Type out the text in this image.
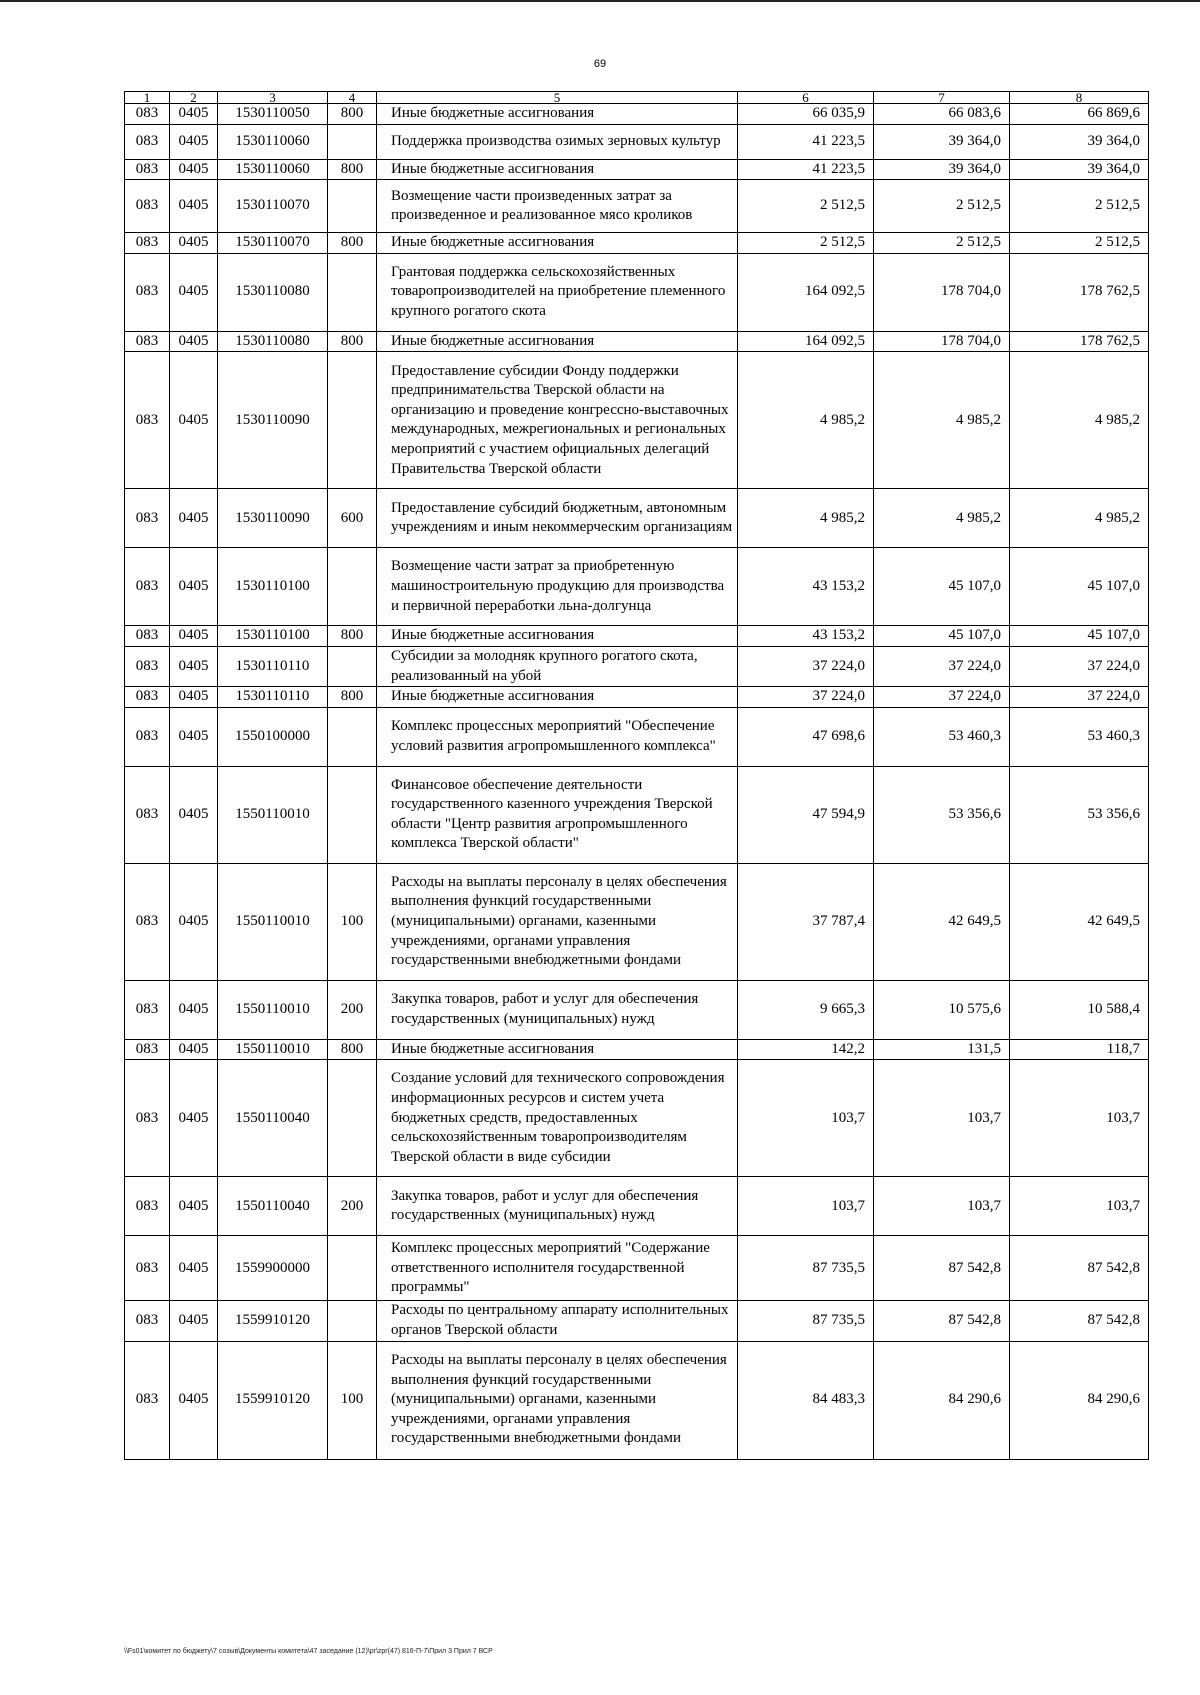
69
1	2	3	4	5	6	7	8
083	0405	1530110050	800	Иные бюджетные ассигнования	66 035,9	66 083,6	66 869,6
083	0405	1530110060		Поддержка производства озимых зерновых культур	41 223,5	39 364,0	39 364,0
083	0405	1530110060	800	Иные бюджетные ассигнования	41 223,5	39 364,0	39 364,0
083	0405	1530110070		Возмещение части произведенных затрат за произведенное и реализованное мясо кроликов	2 512,5	2 512,5	2 512,5
083	0405	1530110070	800	Иные бюджетные ассигнования	2 512,5	2 512,5	2 512,5
083	0405	1530110080		Грантовая поддержка сельскохозяйственных товаропроизводителей на приобретение племенного крупного рогатого скота	164 092,5	178 704,0	178 762,5
083	0405	1530110080	800	Иные бюджетные ассигнования	164 092,5	178 704,0	178 762,5
083	0405	1530110090		Предоставление субсидии Фонду поддержки предпринимательства Тверской области на организацию и проведение конгрессно-выставочных международных, межрегиональных и региональных мероприятий с участием официальных делегаций Правительства Тверской области	4 985,2	4 985,2	4 985,2
083	0405	1530110090	600	Предоставление субсидий бюджетным, автономным учреждениям и иным некоммерческим организациям	4 985,2	4 985,2	4 985,2
083	0405	1530110100		Возмещение части затрат за приобретенную машиностроительную продукцию для производства и первичной переработки льна-долгунца	43 153,2	45 107,0	45 107,0
083	0405	1530110100	800	Иные бюджетные ассигнования	43 153,2	45 107,0	45 107,0
083	0405	1530110110		Субсидии за молодняк крупного рогатого скота, реализованный на убой	37 224,0	37 224,0	37 224,0
083	0405	1530110110	800	Иные бюджетные ассигнования	37 224,0	37 224,0	37 224,0
083	0405	1550100000		Комплекс процессных мероприятий "Обеспечение условий развития агропромышленного комплекса"	47 698,6	53 460,3	53 460,3
083	0405	1550110010		Финансовое обеспечение деятельности государственного казенного учреждения Тверской области "Центр развития агропромышленного комплекса Тверской области"	47 594,9	53 356,6	53 356,6
083	0405	1550110010	100	Расходы на выплаты персоналу в целях обеспечения выполнения функций государственными (муниципальными) органами, казенными учреждениями, органами управления государственными внебюджетными фондами	37 787,4	42 649,5	42 649,5
083	0405	1550110010	200	Закупка товаров, работ и услуг для обеспечения государственных (муниципальных) нужд	9 665,3	10 575,6	10 588,4
083	0405	1550110010	800	Иные бюджетные ассигнования	142,2	131,5	118,7
083	0405	1550110040		Создание условий для технического сопровождения информационных ресурсов и систем учета бюджетных средств, предоставленных сельскохозяйственным товаропроизводителям Тверской области в виде субсидии	103,7	103,7	103,7
083	0405	1550110040	200	Закупка товаров, работ и услуг для обеспечения государственных (муниципальных) нужд	103,7	103,7	103,7
083	0405	1559900000		Комплекс процессных мероприятий "Содержание ответственного исполнителя государственной программы"	87 735,5	87 542,8	87 542,8
083	0405	1559910120		Расходы по центральному аппарату исполнительных органов Тверской области	87 735,5	87 542,8	87 542,8
083	0405	1559910120	100	Расходы на выплаты персоналу в целях обеспечения выполнения функций государственными (муниципальными) органами, казенными учреждениями, органами управления государственными внебюджетными фондами	84 483,3	84 290,6	84 290,6
\\Fs01\комитет по бюджету\7 созыв\Документы комитета\47 заседание (12)\pr\zpr(47) 816-П-7\Прил 3 Прил 7 ВСР
